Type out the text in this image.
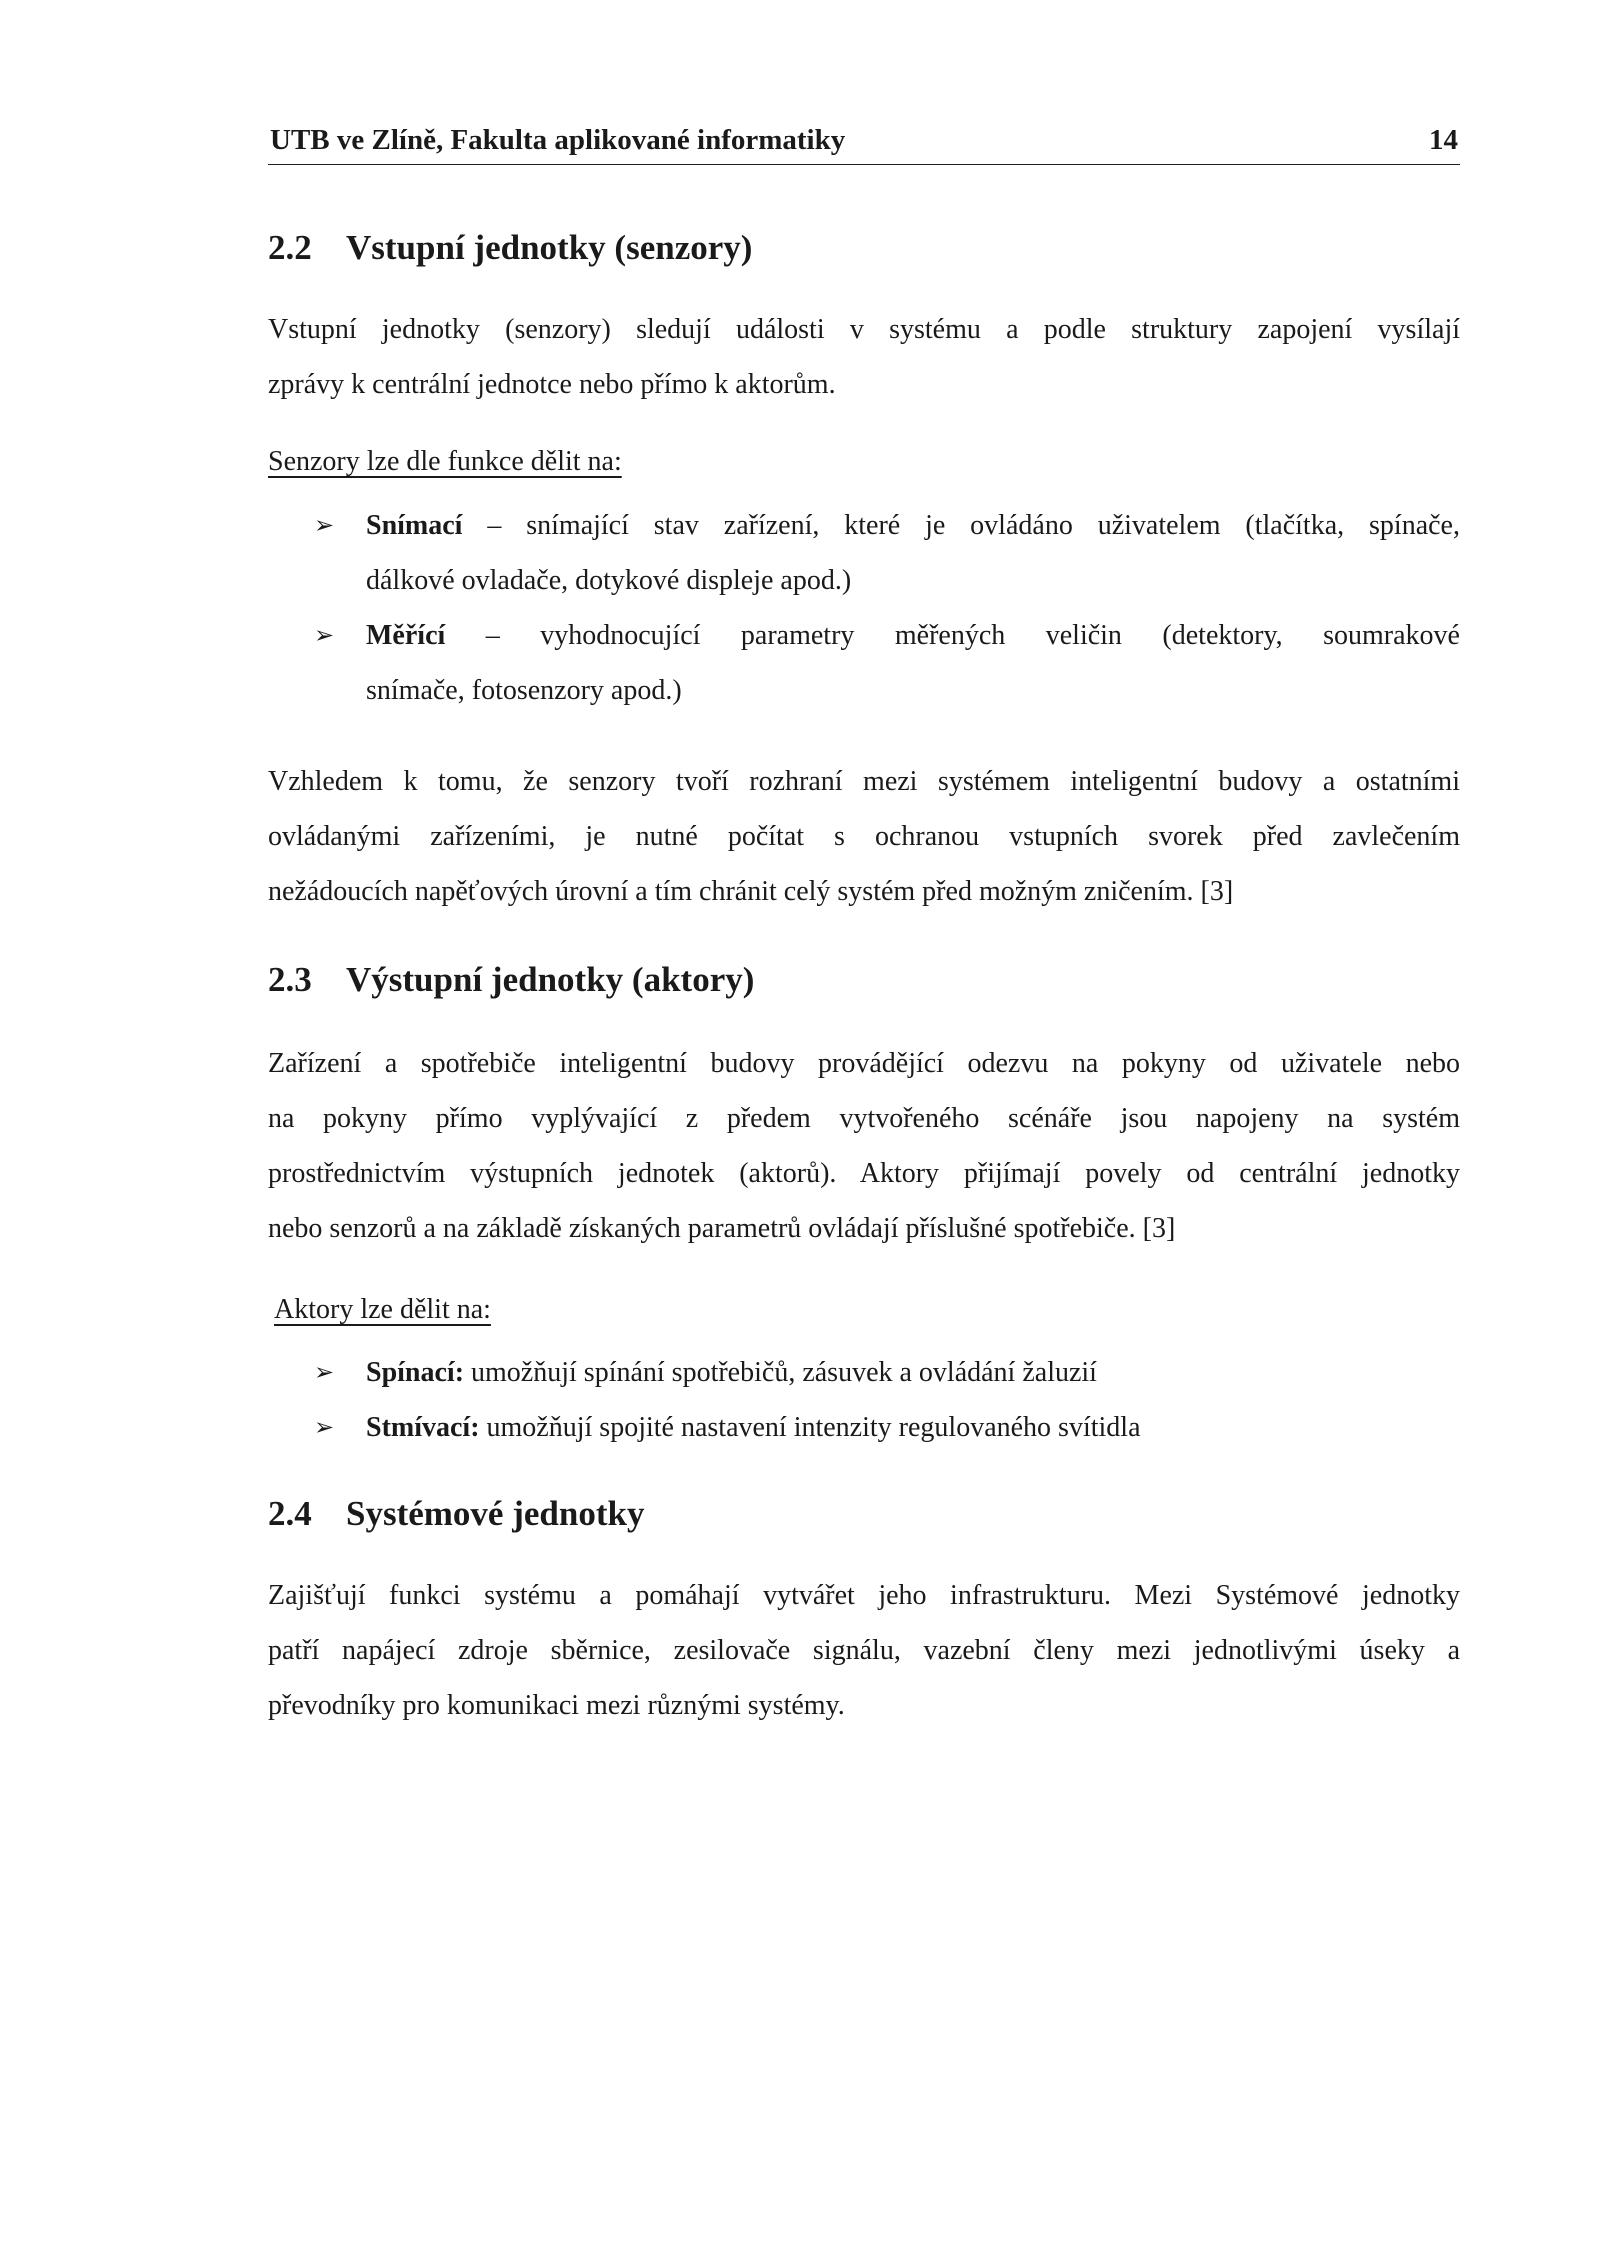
UTB ve Zlíně, Fakulta aplikované informatiky	14
2.2 Vstupní jednotky (senzory)
Vstupní jednotky (senzory) sledují události v systému a podle struktury zapojení vysílají
zprávy k centrální jednotce nebo přímo k aktorům.
Senzory lze dle funkce dělit na:
➢ Snímací – snímající stav zařízení, které je ovládáno uživatelem (tlačítka, spínače,
dálkové ovladače, dotykové displeje apod.)
➢ Měřící – vyhodnocující parametry měřených veličin (detektory, soumrakové
snímače, fotosenzory apod.)
Vzhledem k tomu, že senzory tvoří rozhraní mezi systémem inteligentní budovy a ostatními
ovládanými zařízeními, je nutné počítat s ochranou vstupních svorek před zavlečením
nežádoucích napěťových úrovní a tím chránit celý systém před možným zničením. [3]
2.3 Výstupní jednotky (aktory)
Zařízení a spotřebiče inteligentní budovy provádějící odezvu na pokyny od uživatele nebo
na pokyny přímo vyplývající z předem vytvořeného scénáře jsou napojeny na systém
prostřednictvím výstupních jednotek (aktorů). Aktory přijímají povely od centrální jednotky
nebo senzorů a na základě získaných parametrů ovládají příslušné spotřebiče. [3]
Aktory lze dělit na:
➢ Spínací: umožňují spínání spotřebičů, zásuvek a ovládání žaluzií
➢ Stmívací: umožňují spojité nastavení intenzity regulovaného svítidla
2.4 Systémové jednotky
Zajišťují funkci systému a pomáhají vytvářet jeho infrastrukturu. Mezi Systémové jednotky
patří napájecí zdroje sběrnice, zesilovače signálu, vazební členy mezi jednotlivými úseky a
převodníky pro komunikaci mezi různými systémy.
